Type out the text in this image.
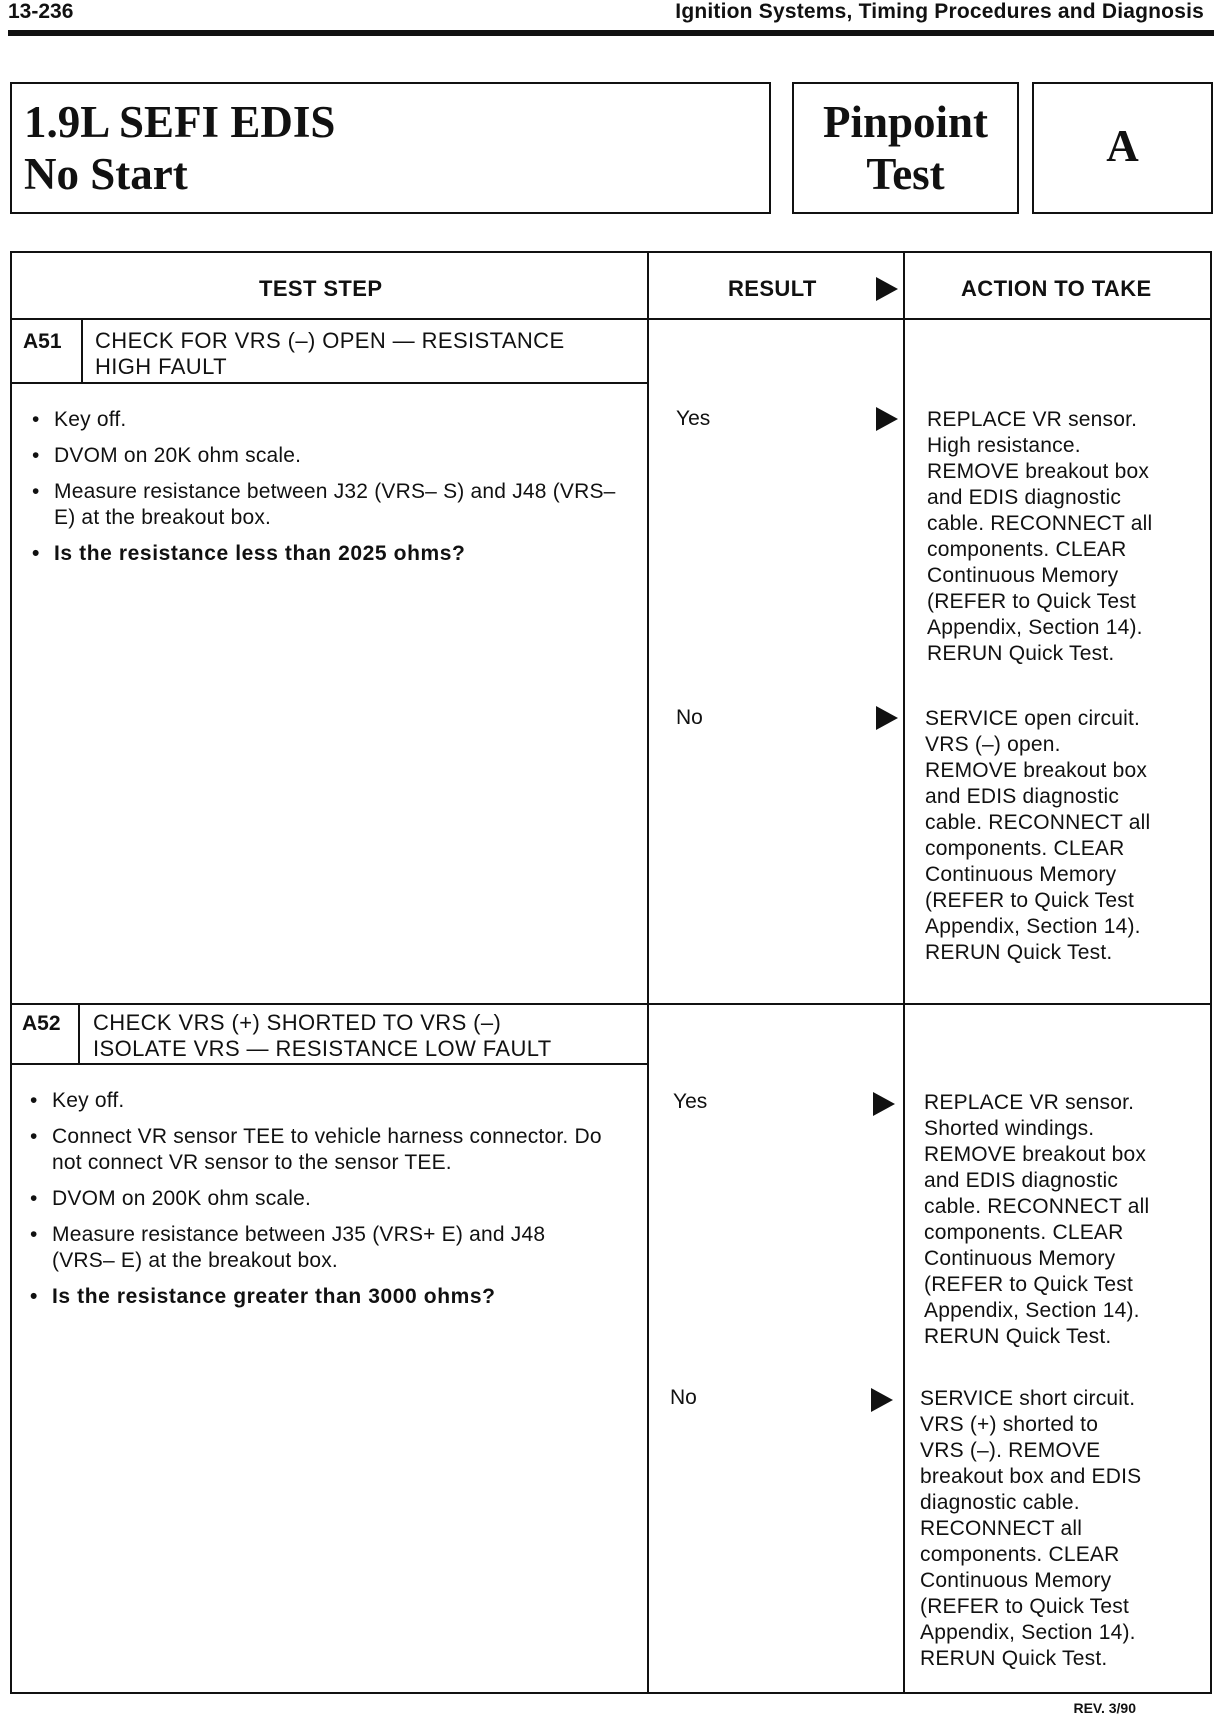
13-236	Ignition Systems, Timing Procedures and Diagnosis
1.9L SEFI EDIS
No Start
Pinpoint
Test
A
TEST STEP	RESULT	ACTION TO TAKE
A51 CHECK FOR VRS (–) OPEN — RESISTANCE
HIGH FAULT
• Key off.
• DVOM on 20K ohm scale.
• Measure resistance between J32 (VRS– S) and J48 (VRS– E) at the breakout box.
• Is the resistance less than 2025 ohms?
Yes	REPLACE VR sensor.
High resistance.
REMOVE breakout box
and EDIS diagnostic
cable. RECONNECT all
components. CLEAR
Continuous Memory
(REFER to Quick Test
Appendix, Section 14).
RERUN Quick Test.
No	SERVICE open circuit.
VRS (–) open.
REMOVE breakout box
and EDIS diagnostic
cable. RECONNECT all
components. CLEAR
Continuous Memory
(REFER to Quick Test
Appendix, Section 14).
RERUN Quick Test.
A52 CHECK VRS (+) SHORTED TO VRS (–)
ISOLATE VRS — RESISTANCE LOW FAULT
• Key off.
• Connect VR sensor TEE to vehicle harness connector. Do not connect VR sensor to the sensor TEE.
• DVOM on 200K ohm scale.
• Measure resistance between J35 (VRS+ E) and J48 (VRS– E) at the breakout box.
• Is the resistance greater than 3000 ohms?
Yes	REPLACE VR sensor.
Shorted windings.
REMOVE breakout box
and EDIS diagnostic
cable. RECONNECT all
components. CLEAR
Continuous Memory
(REFER to Quick Test
Appendix, Section 14).
RERUN Quick Test.
No	SERVICE short circuit.
VRS (+) shorted to
VRS (–). REMOVE
breakout box and EDIS
diagnostic cable.
RECONNECT all
components. CLEAR
Continuous Memory
(REFER to Quick Test
Appendix, Section 14).
RERUN Quick Test.
REV. 3/90
